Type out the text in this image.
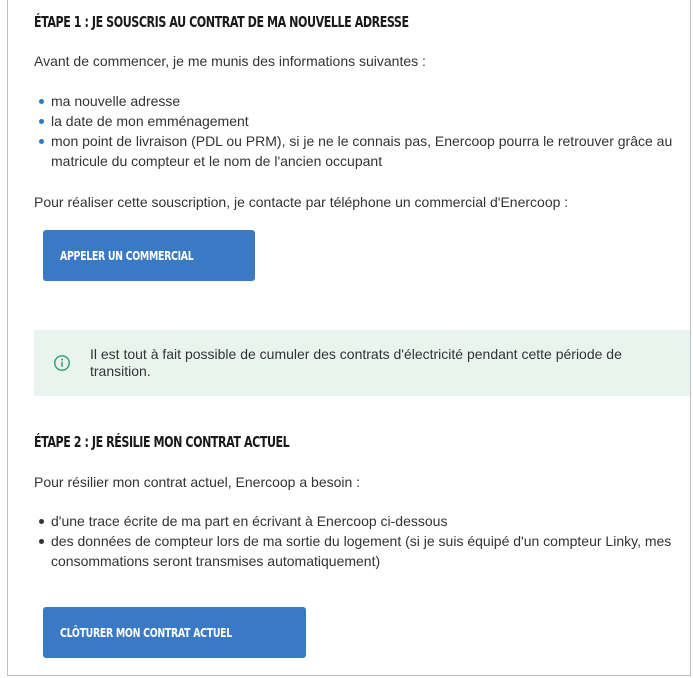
ÉTAPE 1 : JE SOUSCRIS AU CONTRAT DE MA NOUVELLE ADRESSE
Avant de commencer, je me munis des informations suivantes :
ma nouvelle adresse
la date de mon emménagement
mon point de livraison (PDL ou PRM), si je ne le connais pas, Enercoop pourra le retrouver grâce au matricule du compteur et le nom de l'ancien occupant
Pour réaliser cette souscription, je contacte par téléphone un commercial d'Enercoop :
APPELER UN COMMERCIAL
Il est tout à fait possible de cumuler des contrats d'électricité pendant cette période de transition.
ÉTAPE 2 : JE RÉSILIE MON CONTRAT ACTUEL
Pour résilier mon contrat actuel, Enercoop a besoin :
d'une trace écrite de ma part en écrivant à Enercoop ci-dessous
des données de compteur lors de ma sortie du logement (si je suis équipé d'un compteur Linky, mes consommations seront transmises automatiquement)
CLÔTURER MON CONTRAT ACTUEL
